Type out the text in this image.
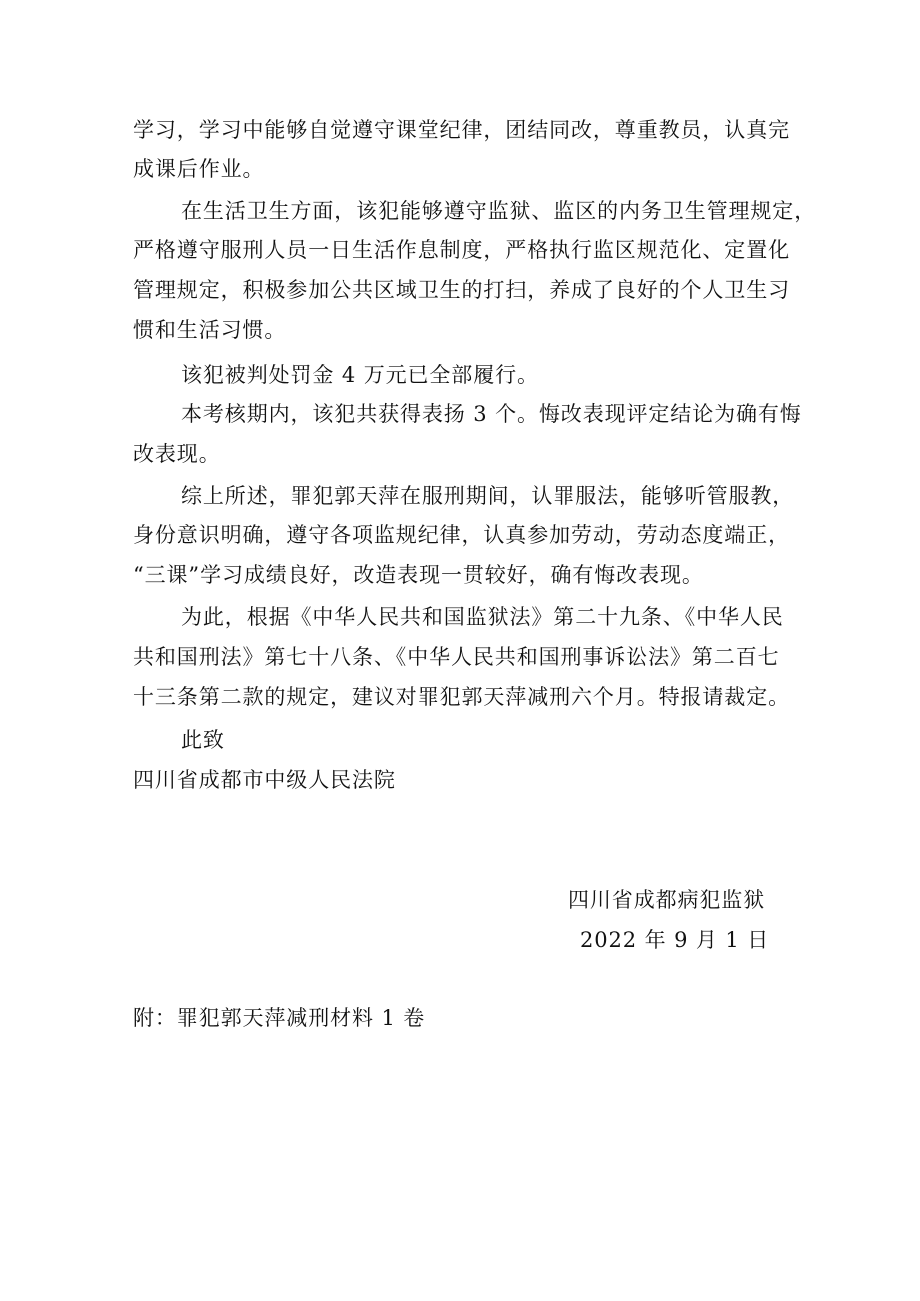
学习，学习中能够自觉遵守课堂纪律，团结同改，尊重教员，认真完
成课后作业。
在生活卫生方面，该犯能够遵守监狱、监区的内务卫生管理规定，
严格遵守服刑人员一日生活作息制度，严格执行监区规范化、定置化
管理规定，积极参加公共区域卫生的打扫，养成了良好的个人卫生习
惯和生活习惯。
该犯被判处罚金 4 万元已全部履行。
本考核期内，该犯共获得表扬 3 个。悔改表现评定结论为确有悔
改表现。
综上所述，罪犯郭天萍在服刑期间，认罪服法，能够听管服教，
身份意识明确，遵守各项监规纪律，认真参加劳动，劳动态度端正，
“三课”学习成绩良好，改造表现一贯较好，确有悔改表现。
为此，根据《中华人民共和国监狱法》第二十九条、《中华人民
共和国刑法》第七十八条、《中华人民共和国刑事诉讼法》第二百七
十三条第二款的规定，建议对罪犯郭天萍减刑六个月。特报请裁定。
此致
四川省成都市中级人民法院
四川省成都病犯监狱
2022 年 9 月 1 日
附：罪犯郭天萍减刑材料 1 卷
